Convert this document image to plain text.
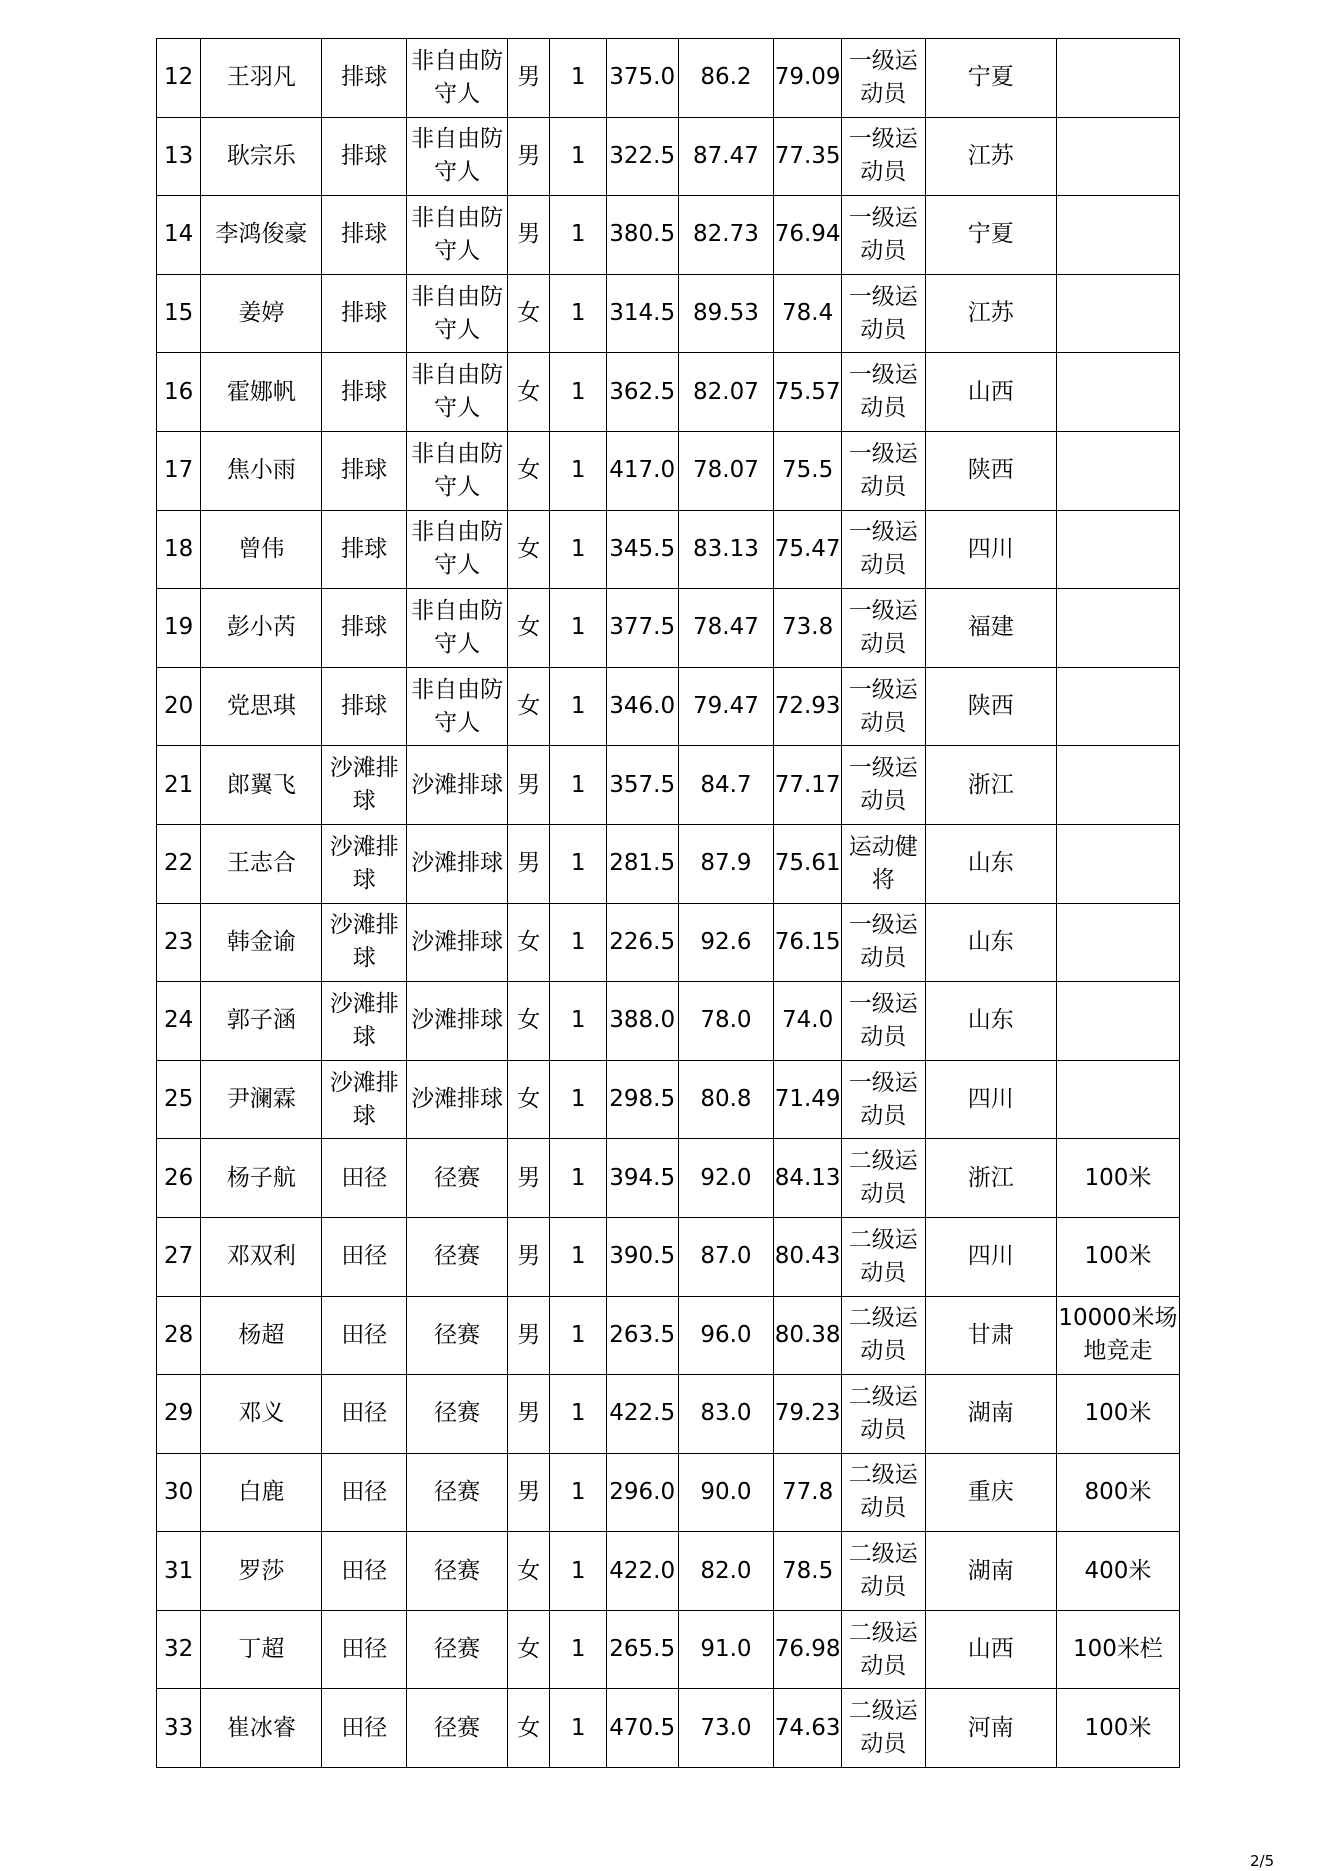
12	王羽凡	排球	非自由防守人	男	1	375.0	86.2	79.09	一级运动员	宁夏	
13	耿宗乐	排球	非自由防守人	男	1	322.5	87.47	77.35	一级运动员	江苏	
14	李鸿俊豪	排球	非自由防守人	男	1	380.5	82.73	76.94	一级运动员	宁夏	
15	姜婷	排球	非自由防守人	女	1	314.5	89.53	78.4	一级运动员	江苏	
16	霍娜帆	排球	非自由防守人	女	1	362.5	82.07	75.57	一级运动员	山西	
17	焦小雨	排球	非自由防守人	女	1	417.0	78.07	75.5	一级运动员	陕西	
18	曾伟	排球	非自由防守人	女	1	345.5	83.13	75.47	一级运动员	四川	
19	彭小芮	排球	非自由防守人	女	1	377.5	78.47	73.8	一级运动员	福建	
20	党思琪	排球	非自由防守人	女	1	346.0	79.47	72.93	一级运动员	陕西	
21	郎翼飞	沙滩排球	沙滩排球	男	1	357.5	84.7	77.17	一级运动员	浙江	
22	王志合	沙滩排球	沙滩排球	男	1	281.5	87.9	75.61	运动健将	山东	
23	韩金谕	沙滩排球	沙滩排球	女	1	226.5	92.6	76.15	一级运动员	山东	
24	郭子涵	沙滩排球	沙滩排球	女	1	388.0	78.0	74.0	一级运动员	山东	
25	尹澜霖	沙滩排球	沙滩排球	女	1	298.5	80.8	71.49	一级运动员	四川	
26	杨子航	田径	径赛	男	1	394.5	92.0	84.13	二级运动员	浙江	100米
27	邓双利	田径	径赛	男	1	390.5	87.0	80.43	二级运动员	四川	100米
28	杨超	田径	径赛	男	1	263.5	96.0	80.38	二级运动员	甘肃	10000米场地竞走
29	邓义	田径	径赛	男	1	422.5	83.0	79.23	二级运动员	湖南	100米
30	白鹿	田径	径赛	男	1	296.0	90.0	77.8	二级运动员	重庆	800米
31	罗莎	田径	径赛	女	1	422.0	82.0	78.5	二级运动员	湖南	400米
32	丁超	田径	径赛	女	1	265.5	91.0	76.98	二级运动员	山西	100米栏
33	崔冰睿	田径	径赛	女	1	470.5	73.0	74.63	二级运动员	河南	100米
2/5
